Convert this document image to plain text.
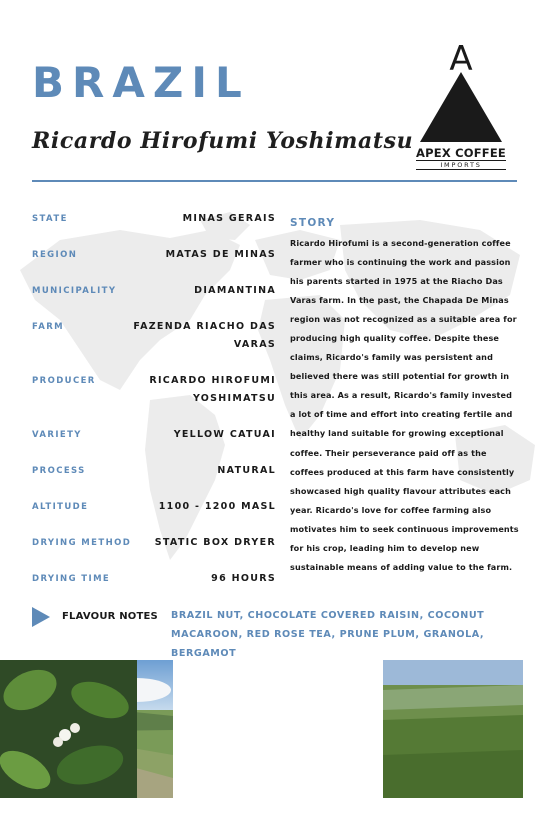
BRAZIL
Ricardo Hirofumi Yoshimatsu
A
APEX COFFEE
IMPORTS
STATE	MINAS GERAIS
REGION	MATAS DE MINAS
MUNICIPALITY	DIAMANTINA
FARM	FAZENDA RIACHO DAS VARAS
PRODUCER	RICARDO HIROFUMI YOSHIMATSU
VARIETY	YELLOW CATUAI
PROCESS	NATURAL
ALTITUDE	1100 - 1200 MASL
DRYING METHOD	STATIC BOX DRYER
DRYING TIME	96 HOURS
STORY

Ricardo Hirofumi is a second-generation coffee farmer who is continuing the work and passion his parents started in 1975 at the Riacho Das Varas farm. In the past, the Chapada De Minas region was not recognized as a suitable area for producing high quality coffee. Despite these claims, Ricardo's family was persistent and believed there was still potential for growth in this area. As a result, Ricardo's family invested a lot of time and effort into creating fertile and healthy land suitable for growing exceptional coffee. Their perseverance paid off as the coffees produced at this farm have consistently showcased high quality flavour attributes each year. Ricardo's love for coffee farming also motivates him to seek continuous improvements for his crop, leading him to develop new sustainable means of adding value to the farm.

FLAVOUR NOTES BRAZIL NUT, CHOCOLATE COVERED RAISIN, COCONUT MACAROON, RED ROSE TEA, PRUNE PLUM, GRANOLA, BERGAMOT
